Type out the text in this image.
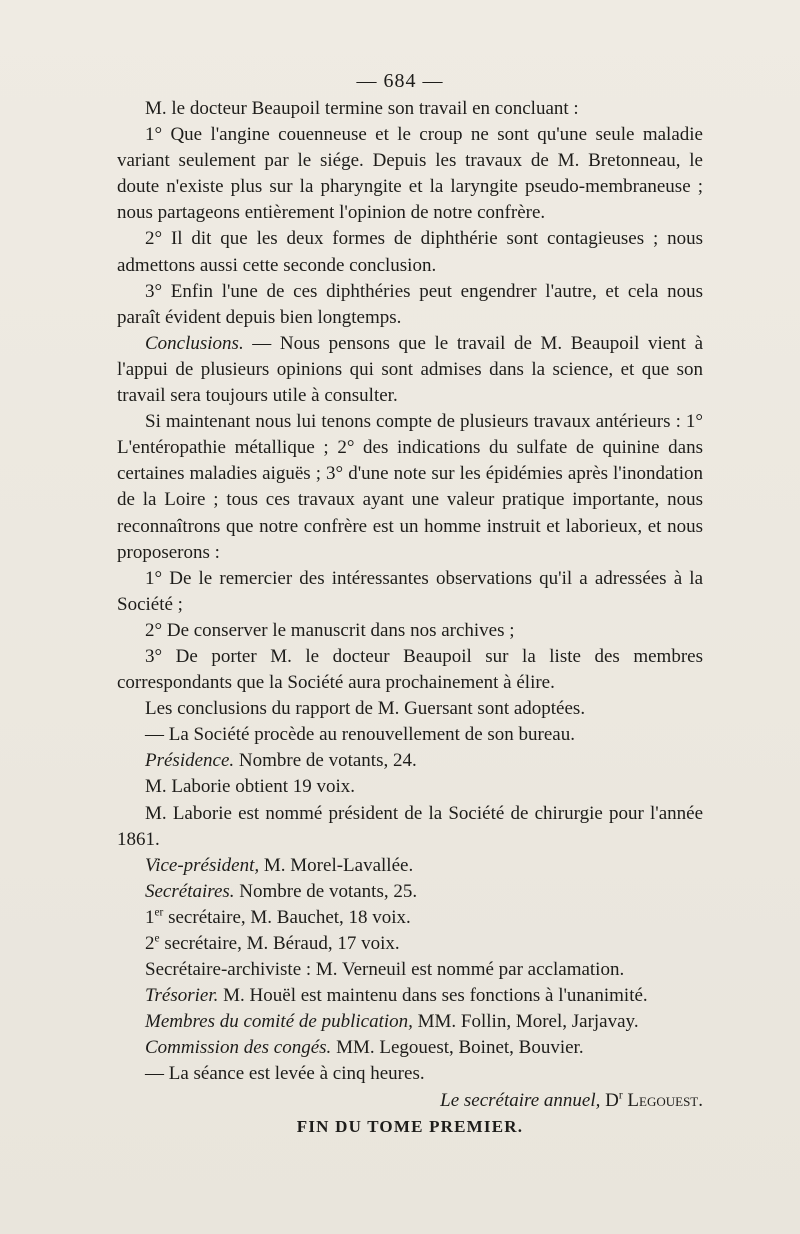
— 684 —

M. le docteur Beaupoil termine son travail en concluant :

1° Que l'angine couenneuse et le croup ne sont qu'une seule maladie variant seulement par le siége. Depuis les travaux de M. Bretonneau, le doute n'existe plus sur la pharyngite et la laryngite pseudo-membraneuse ; nous partageons entièrement l'opinion de notre confrère.

2° Il dit que les deux formes de diphthérie sont contagieuses ; nous admettons aussi cette seconde conclusion.

3° Enfin l'une de ces diphthéries peut engendrer l'autre, et cela nous paraît évident depuis bien longtemps.

Conclusions. — Nous pensons que le travail de M. Beaupoil vient à l'appui de plusieurs opinions qui sont admises dans la science, et que son travail sera toujours utile à consulter.

Si maintenant nous lui tenons compte de plusieurs travaux antérieurs : 1° L'entéropathie métallique ; 2° des indications du sulfate de quinine dans certaines maladies aiguës ; 3° d'une note sur les épidémies après l'inondation de la Loire ; tous ces travaux ayant une valeur pratique importante, nous reconnaîtrons que notre confrère est un homme instruit et laborieux, et nous proposerons :

1° De le remercier des intéressantes observations qu'il a adressées à la Société ;

2° De conserver le manuscrit dans nos archives ;

3° De porter M. le docteur Beaupoil sur la liste des membres correspondants que la Société aura prochainement à élire.

Les conclusions du rapport de M. Guersant sont adoptées.

— La Société procède au renouvellement de son bureau.

Présidence. Nombre de votants, 24.

M. Laborie obtient 19 voix.

M. Laborie est nommé président de la Société de chirurgie pour l'année 1861.

Vice-président, M. Morel-Lavallée.

Secrétaires. Nombre de votants, 25.

1er secrétaire, M. Bauchet, 18 voix.

2e secrétaire, M. Béraud, 17 voix.

Secrétaire-archiviste : M. Verneuil est nommé par acclamation.

Trésorier. M. Houël est maintenu dans ses fonctions à l'unanimité.

Membres du comité de publication, MM. Follin, Morel, Jarjavay.

Commission des congés. MM. Legouest, Boinet, Bouvier.

— La séance est levée à cinq heures.

Le secrétaire annuel, $D^r$ Legouest.

FIN DU TOME PREMIER.
